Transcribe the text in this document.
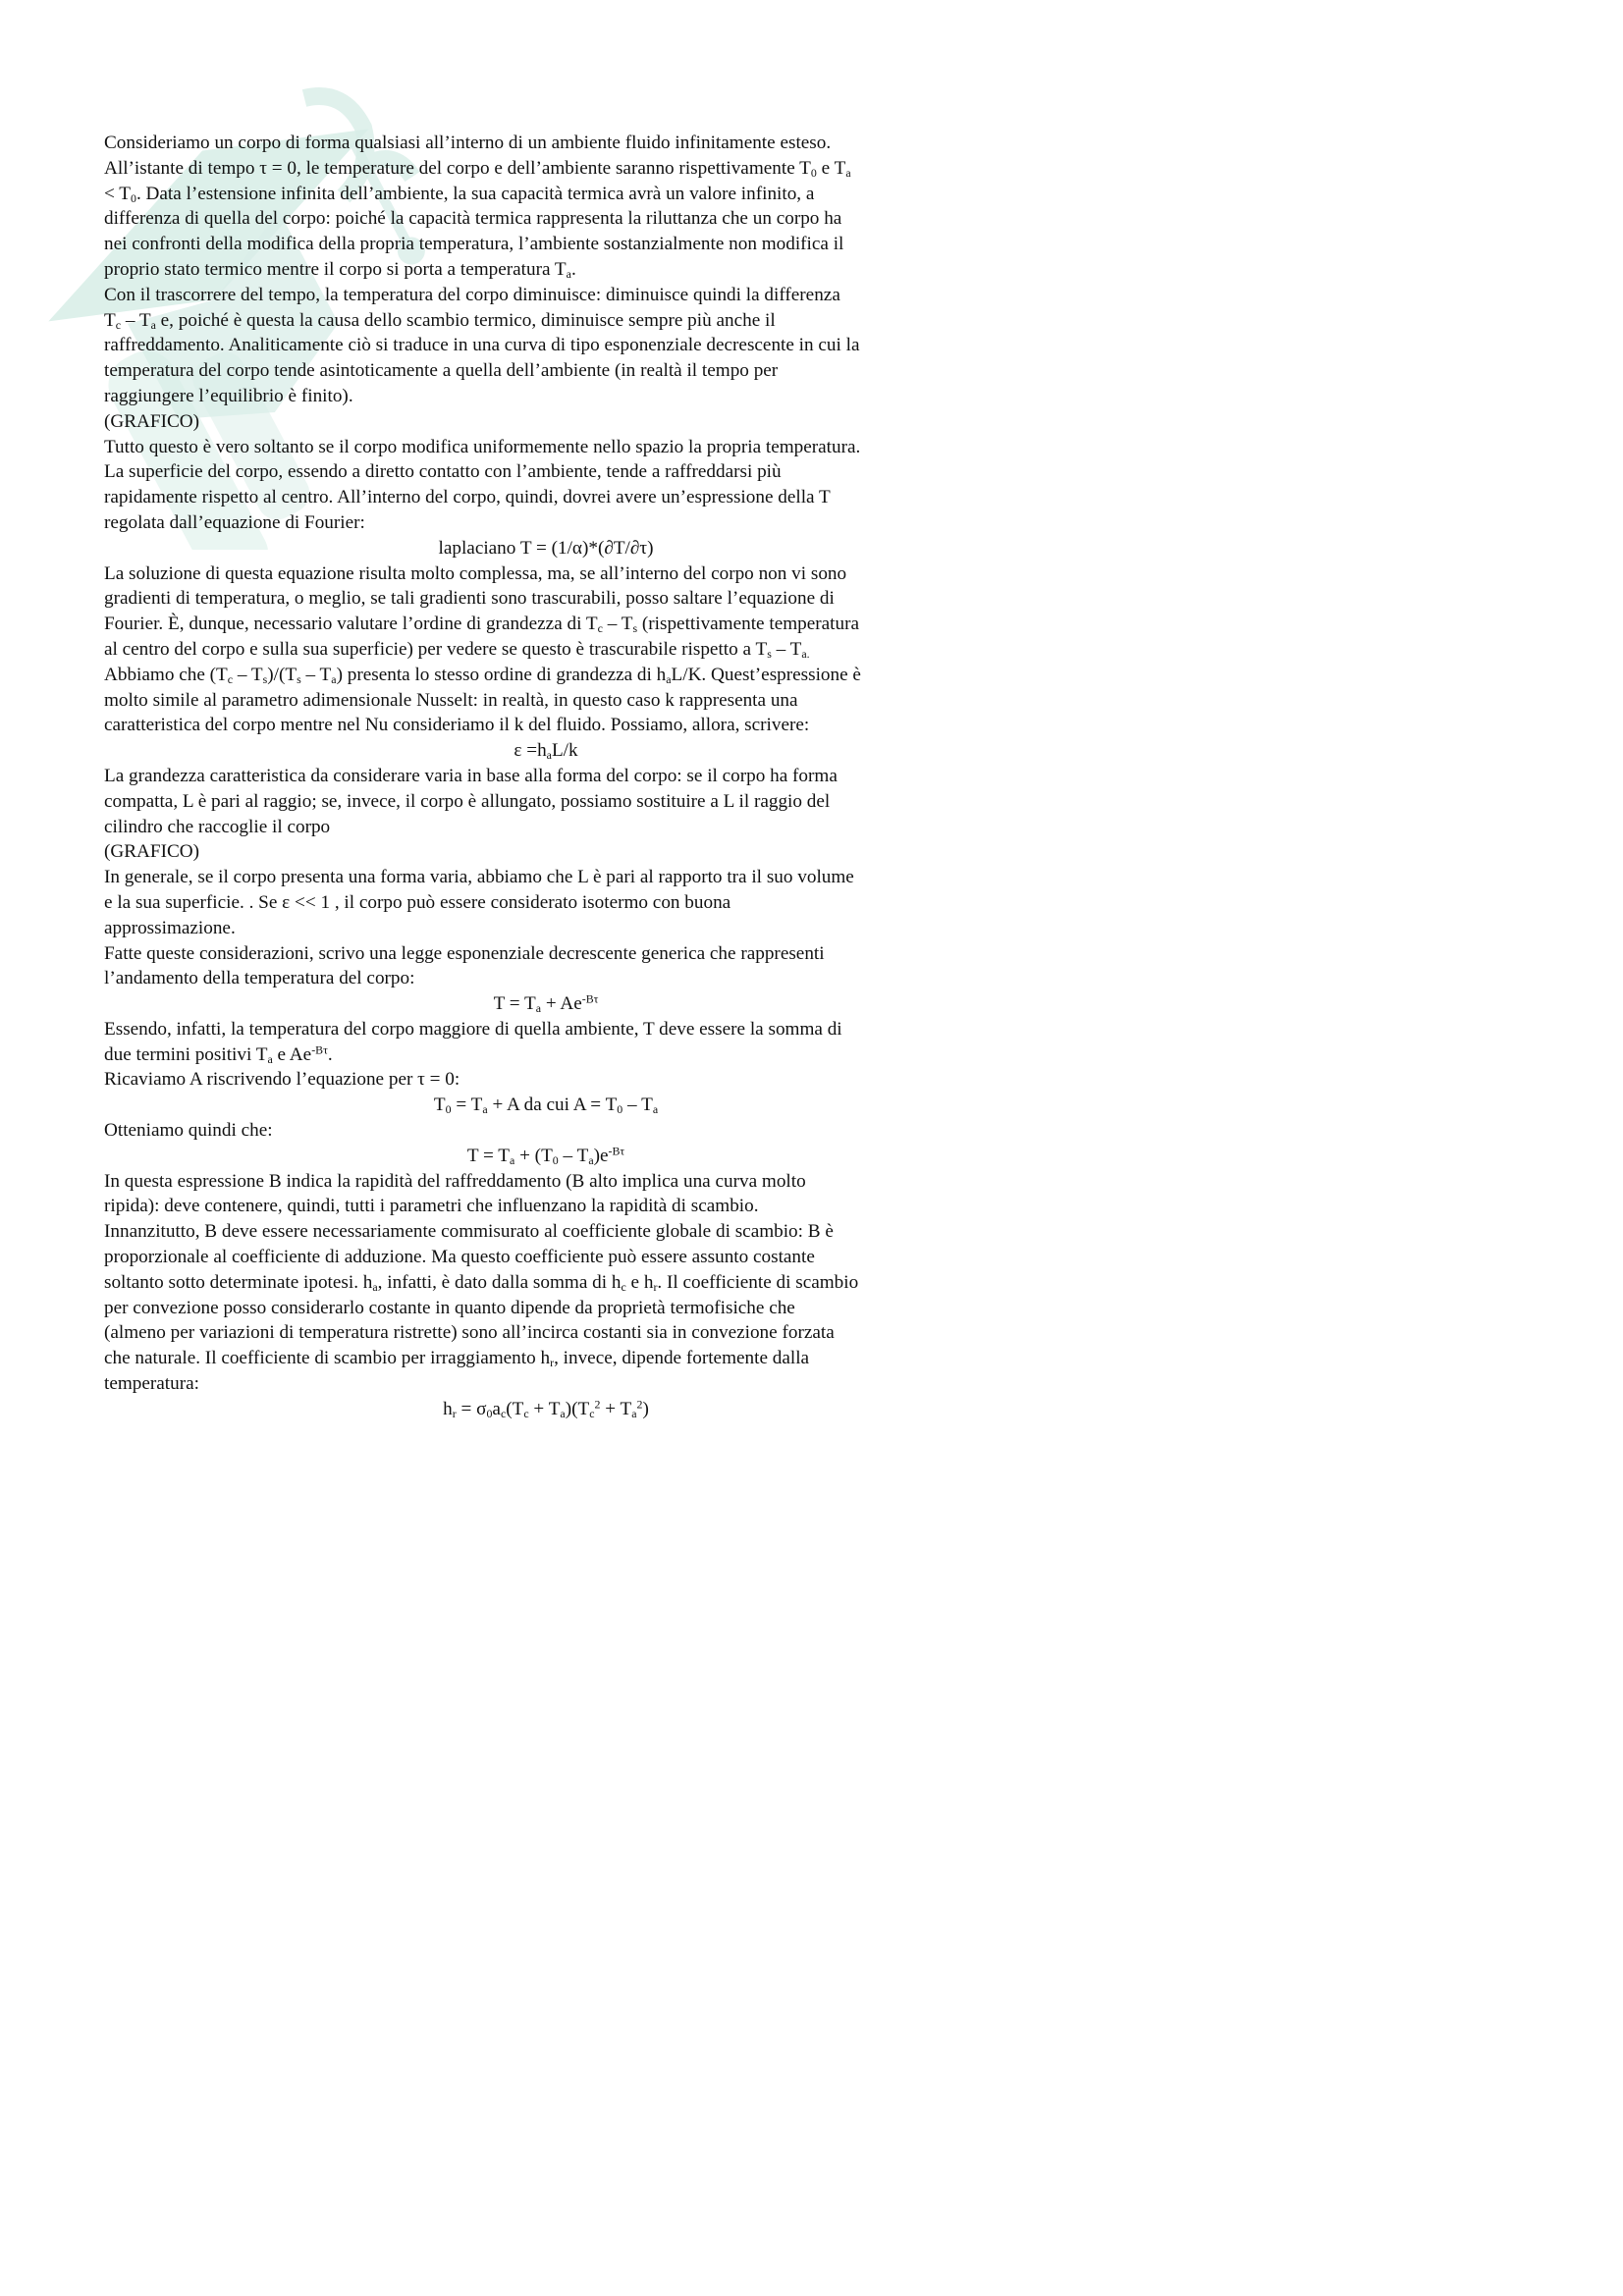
Consideriamo un corpo di forma qualsiasi all’interno di un ambiente fluido infinitamente esteso.

All’istante di tempo τ = 0, le temperature del corpo e dell’ambiente saranno rispettivamente $T_0$ e $T_a$

< $T_0$. Data l’estensione infinita dell’ambiente, la sua capacità termica avrà un valore infinito, a

differenza di quella del corpo: poiché la capacità termica rappresenta la riluttanza che un corpo ha

nei confronti della modifica della propria temperatura, l’ambiente sostanzialmente non modifica il

proprio stato termico mentre il corpo si porta a temperatura $T_a$.

Con il trascorrere del tempo, la temperatura del corpo diminuisce: diminuisce quindi la differenza

$T_c - T_a$ e, poiché è questa la causa dello scambio termico, diminuisce sempre più anche il

raffreddamento. Analiticamente ciò si traduce in una curva di tipo esponenziale decrescente in cui la

temperatura del corpo tende asintoticamente a quella dell’ambiente (in realtà il tempo per

raggiungere l’equilibrio è finito).

(GRAFICO)

Tutto questo è vero soltanto se il corpo modifica uniformemente nello spazio la propria temperatura.

La superficie del corpo, essendo a diretto contatto con l’ambiente, tende a raffreddarsi più

rapidamente rispetto al centro. All’interno del corpo, quindi, dovrei avere un’espressione della T

regolata dall’equazione di Fourier:

laplaciano T = (1/α)*(∂T/∂τ)

La soluzione di questa equazione risulta molto complessa, ma, se all’interno del corpo non vi sono

gradienti di temperatura, o meglio, se tali gradienti sono trascurabili, posso saltare l’equazione di

Fourier. È, dunque, necessario valutare l’ordine di grandezza di $T_c - T_s$ (rispettivamente temperatura

al centro del corpo e sulla sua superficie) per vedere se questo è trascurabile rispetto a $T_s - T_{a.}$

Abbiamo che $(T_c - T_s)/(T_s - T_a)$ presenta lo stesso ordine di grandezza di $h_aL/K$. Quest’espressione è

molto simile al parametro adimensionale Nusselt: in realtà, in questo caso k rappresenta una

caratteristica del corpo mentre nel Nu consideriamo il k del fluido. Possiamo, allora, scrivere:

$\varepsilon =h_aL/k$

La grandezza caratteristica da considerare varia in base alla forma del corpo: se il corpo ha forma

compatta, L è pari al raggio; se, invece, il corpo è allungato, possiamo sostituire a L il raggio del

cilindro che raccoglie il corpo

(GRAFICO)

In generale, se il corpo presenta una forma varia, abbiamo che L è pari al rapporto tra il suo volume

e la sua superficie. . Se ε << 1 , il corpo può essere considerato isotermo con buona

approssimazione.

Fatte queste considerazioni, scrivo una legge esponenziale decrescente generica che rappresenti

l’andamento della temperatura del corpo:

$T = T_a + Ae^{-B\tau}$

Essendo, infatti, la temperatura del corpo maggiore di quella ambiente, T deve essere la somma di

due termini positivi $T_a$ e $Ae^{-B\tau}$.

Ricaviamo A riscrivendo l’equazione per τ = 0:

$T_0 = T_a + A$ da cui $A = T_0 - T_a$

Otteniamo quindi che:

$T = T_a + (T_0 - T_a)e^{-B\tau}$

In questa espressione B indica la rapidità del raffreddamento (B alto implica una curva molto

ripida): deve contenere, quindi, tutti i parametri che influenzano la rapidità di scambio.

Innanzitutto, B deve essere necessariamente commisurato al coefficiente globale di scambio: B è

proporzionale al coefficiente di adduzione. Ma questo coefficiente può essere assunto costante

soltanto sotto determinate ipotesi. $h_a$, infatti, è dato dalla somma di $h_c$ e $h_r$. Il coefficiente di scambio

per convezione posso considerarlo costante in quanto dipende da proprietà termofisiche che

(almeno per variazioni di temperatura ristrette) sono all’incirca costanti sia in convezione forzata

che naturale. Il coefficiente di scambio per irraggiamento $h_r$, invece, dipende fortemente dalla

temperatura:

$h_r = \sigma_0a_c(T_c + T_a)(T_c^2 + T_a^2)$
